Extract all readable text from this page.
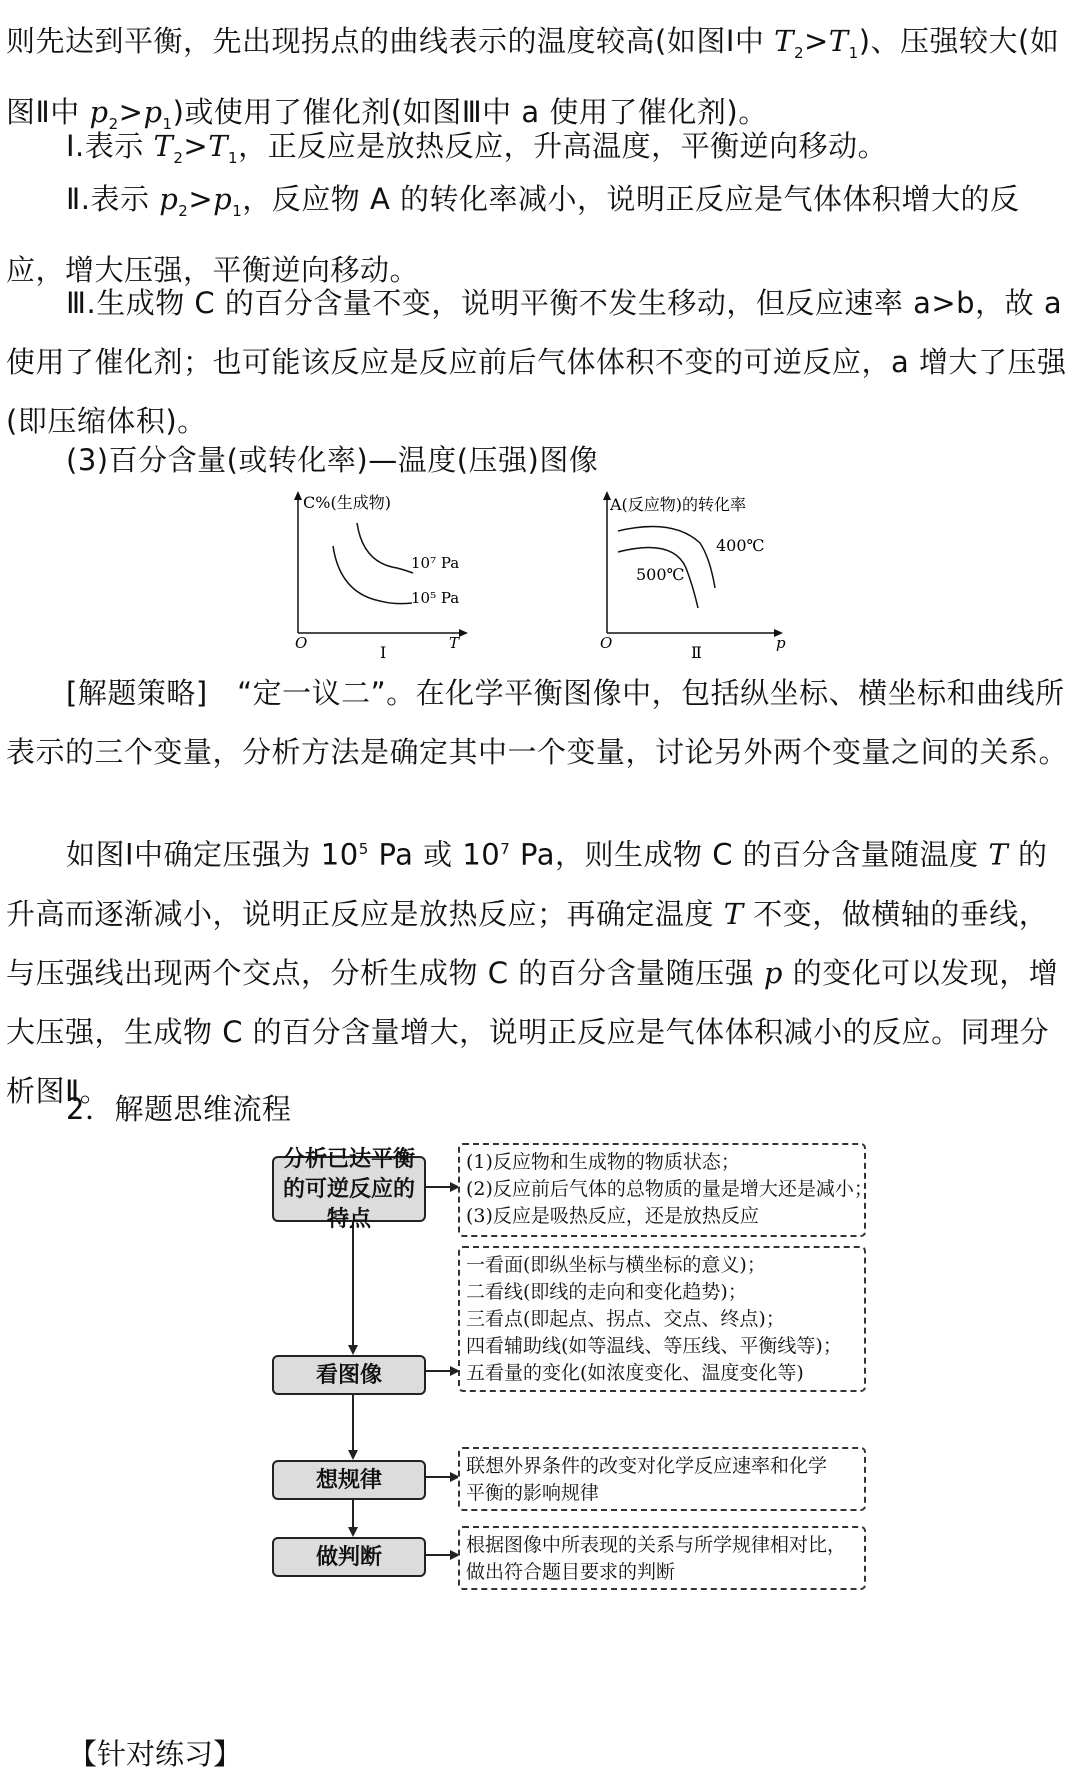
则先达到平衡，先出现拐点的曲线表示的温度较高(如图Ⅰ中 $T_2>T_1$)、压强较大(如图Ⅱ中 $p_2>p_1$)或使用了催化剂(如图Ⅲ中 a 使用了催化剂)。

Ⅰ.表示 $T_2>T_1$，正反应是放热反应，升高温度，平衡逆向移动。

Ⅱ.表示 $p_2>p_1$，反应物 A 的转化率减小，说明正反应是气体体积增大的反应，增大压强，平衡逆向移动。

Ⅲ.生成物 C 的百分含量不变，说明平衡不发生移动，但反应速率 a>b，故 a 使用了催化剂；也可能该反应是反应前后气体体积不变的可逆反应，a 增大了压强(即压缩体积)。

(3)百分含量(或转化率)—温度(压强)图像

C%(生成物)
10⁷ Pa
10⁵ Pa
O	T
Ⅰ
A(反应物)的转化率
400℃
500℃
O	p
Ⅱ

[解题策略]　“定一议二”。在化学平衡图像中，包括纵坐标、横坐标和曲线所表示的三个变量，分析方法是确定其中一个变量，讨论另外两个变量之间的关系。

如图Ⅰ中确定压强为 $10^5$ Pa 或 $10^7$ Pa，则生成物 C 的百分含量随温度 T 的升高而逐渐减小，说明正反应是放热反应；再确定温度 T 不变，做横轴的垂线，与压强线出现两个交点，分析生成物 C 的百分含量随压强 p 的变化可以发现，增大压强，生成物 C 的百分含量增大，说明正反应是气体体积减小的反应。同理分析图Ⅱ。

2．解题思维流程

分析已达平衡的可逆反应的特点
看图像
想规律
做判断
(1)反应物和生成物的物质状态；
(2)反应前后气体的总物质的量是增大还是减小；
(3)反应是吸热反应，还是放热反应
一看面(即纵坐标与横坐标的意义)；
二看线(即线的走向和变化趋势)；
三看点(即起点、拐点、交点、终点)；
四看辅助线(如等温线、等压线、平衡线等)；
五看量的变化(如浓度变化、温度变化等)
联想外界条件的改变对化学反应速率和化学
平衡的影响规律
根据图像中所表现的关系与所学规律相对比，
做出符合题目要求的判断
【针对练习】
